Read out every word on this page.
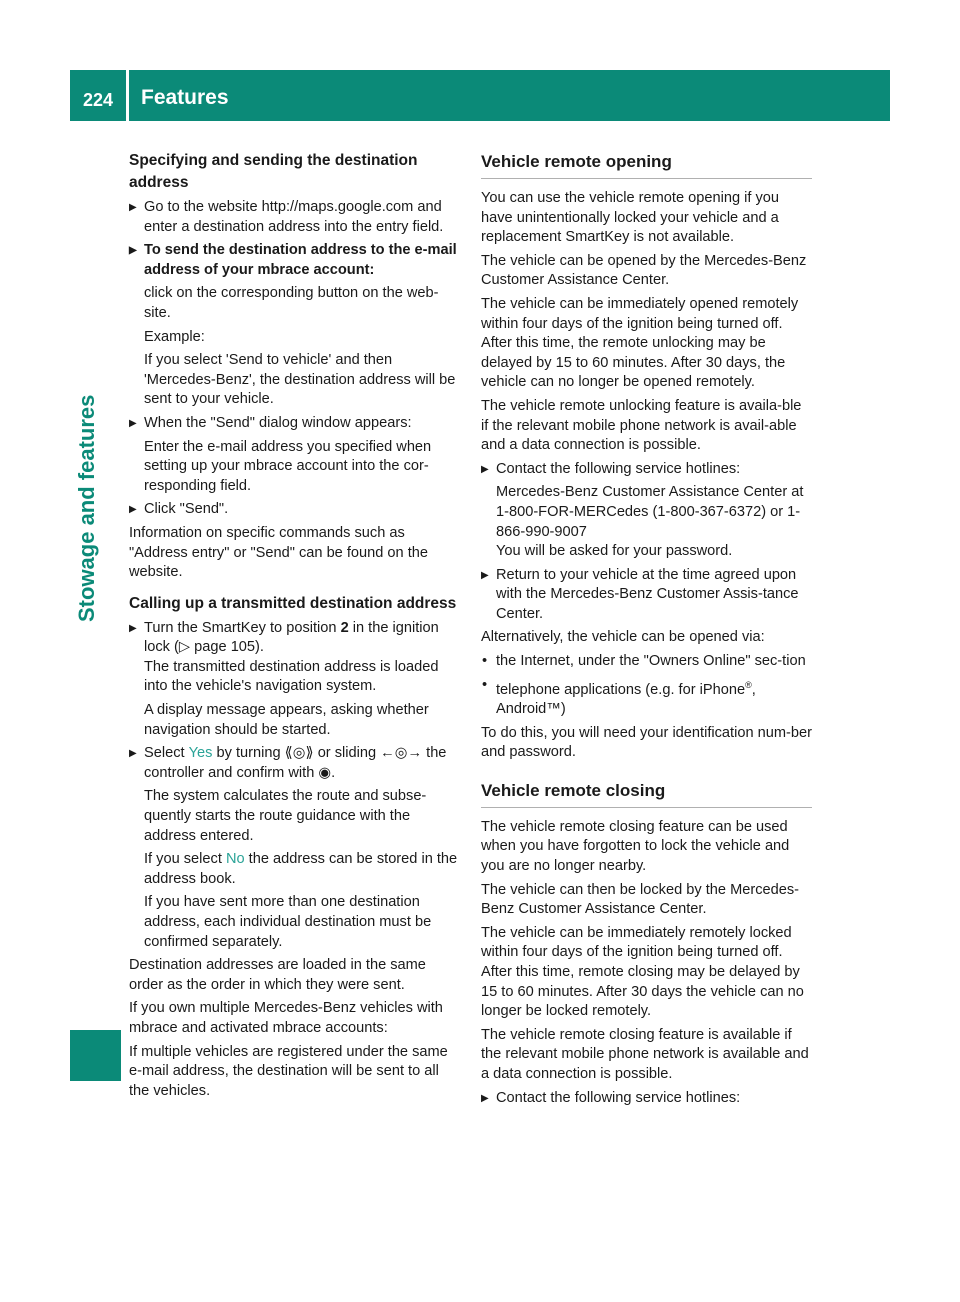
224	Features
Stowage and features
Specifying and sending the destination address
▶ Go to the website http://maps.google.com and enter a destination address into the entry field.
▶ To send the destination address to the e-mail address of your mbrace account:
click on the corresponding button on the web-site.
Example:
If you select 'Send to vehicle' and then 'Mercedes-Benz', the destination address will be sent to your vehicle.
▶ When the "Send" dialog window appears:
Enter the e-mail address you specified when setting up your mbrace account into the cor-responding field.
▶ Click "Send".

Information on specific commands such as "Address entry" or "Send" can be found on the website.

Calling up a transmitted destination address
▶ Turn the SmartKey to position 2 in the ignition lock (▷ page 105).
The transmitted destination address is loaded into the vehicle's navigation system.
A display message appears, asking whether navigation should be started.
▶ Select Yes by turning ⟪◎⟫ or sliding ←◎→ the controller and confirm with ◉.
The system calculates the route and subse-quently starts the route guidance with the address entered.
If you select No the address can be stored in the address book.
If you have sent more than one destination address, each individual destination must be confirmed separately.

Destination addresses are loaded in the same order as the order in which they were sent.

If you own multiple Mercedes-Benz vehicles with mbrace and activated mbrace accounts:

If multiple vehicles are registered under the same e-mail address, the destination will be sent to all the vehicles.

Vehicle remote opening

You can use the vehicle remote opening if you have unintentionally locked your vehicle and a replacement SmartKey is not available.

The vehicle can be opened by the Mercedes-Benz Customer Assistance Center.

The vehicle can be immediately opened remotely within four days of the ignition being turned off. After this time, the remote unlocking may be delayed by 15 to 60 minutes. After 30 days, the vehicle can no longer be opened remotely.

The vehicle remote unlocking feature is availa-ble if the relevant mobile phone network is avail-able and a data connection is possible.

▶ Contact the following service hotlines:
Mercedes-Benz Customer Assistance Center at 1-800-FOR-MERCedes (1-800-367-6372) or 1-866-990-9007
You will be asked for your password.
▶ Return to your vehicle at the time agreed upon with the Mercedes-Benz Customer Assis-tance Center.

Alternatively, the vehicle can be opened via:

• the Internet, under the "Owners Online" sec-tion
• telephone applications (e.g. for iPhone®, Android™)

To do this, you will need your identification num-ber and password.

Vehicle remote closing

The vehicle remote closing feature can be used when you have forgotten to lock the vehicle and you are no longer nearby.

The vehicle can then be locked by the Mercedes-Benz Customer Assistance Center.

The vehicle can be immediately remotely locked within four days of the ignition being turned off. After this time, remote closing may be delayed by 15 to 60 minutes. After 30 days the vehicle can no longer be locked remotely.

The vehicle remote closing feature is available if the relevant mobile phone network is available and a data connection is possible.

▶ Contact the following service hotlines:
